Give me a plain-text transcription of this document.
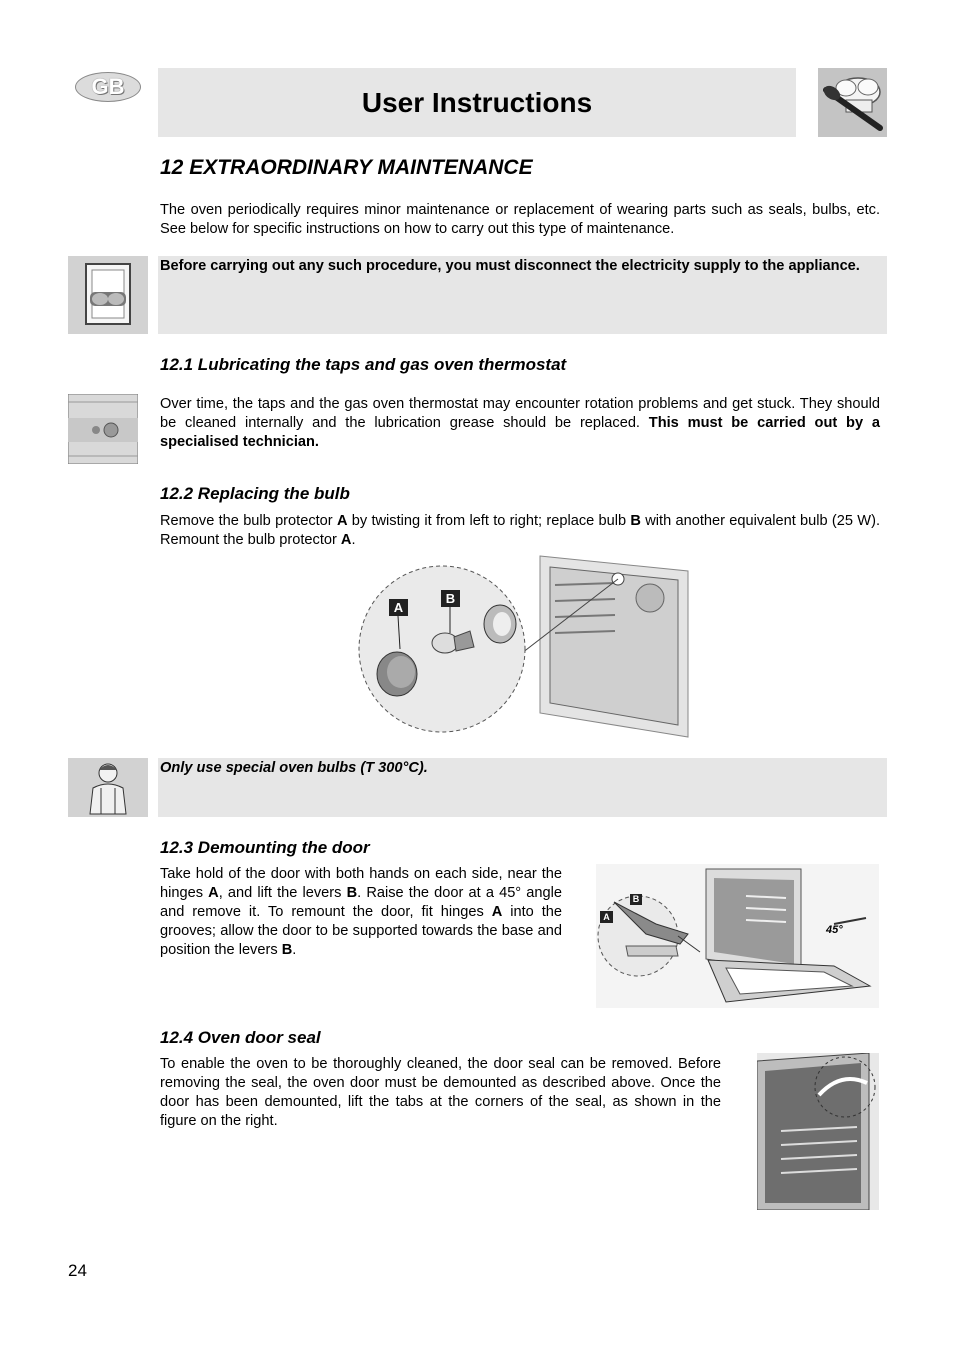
GB
User Instructions
12 EXTRAORDINARY MAINTENANCE
The oven periodically requires minor maintenance or replacement of wearing parts such as seals, bulbs, etc. See below for specific instructions on how to carry out this type of maintenance.
Before carrying out any such procedure, you must disconnect the electricity supply to the appliance.
12.1 Lubricating the taps and gas oven thermostat
Over time, the taps and the gas oven thermostat may encounter rotation problems and get stuck. They should be cleaned internally and the lubrication grease should be replaced. This must be carried out by a specialised technician.
12.2 Replacing the bulb
Remove the bulb protector A by twisting it from left to right; replace bulb B with another equivalent bulb (25 W). Remount the bulb protector A.
A
B
Only use special oven bulbs (T 300°C).
12.3 Demounting the door
Take hold of the door with both hands on each side, near the hinges A, and lift the levers B. Raise the door at a 45° angle and remove it. To remount the door, fit hinges A into the grooves; allow the door to be supported towards the base and position the levers B.
A
B
45°
12.4 Oven door seal
To enable the oven to be thoroughly cleaned, the door seal can be removed. Before removing the seal, the oven door must be demounted as described above. Once the door has been demounted, lift the tabs at the corners of the seal, as shown in the figure on the right.
24
